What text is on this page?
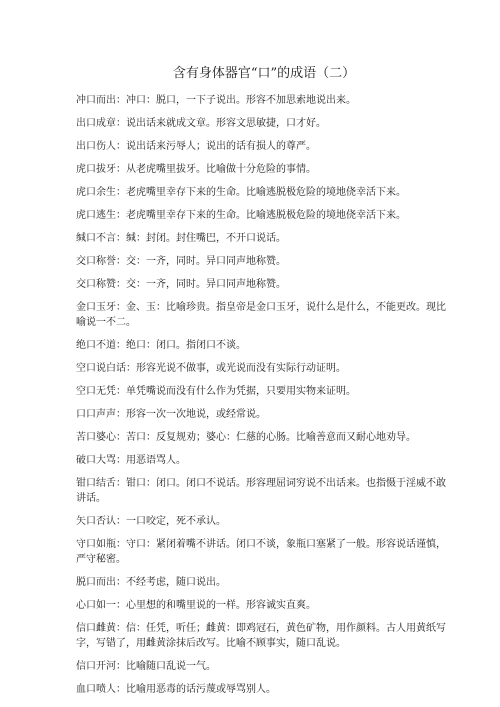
含有身体器官“口”的成语（二）
冲口而出：冲口：脱口，一下子说出。形容不加思索地说出来。
出口成章：说出话来就成文章。形容文思敏捷，口才好。
出口伤人：说出话来污辱人；说出的话有损人的尊严。
虎口拔牙：从老虎嘴里拔牙。比喻做十分危险的事情。
虎口余生：老虎嘴里幸存下来的生命。比喻逃脱极危险的境地侥幸活下来。
虎口逃生：老虎嘴里幸存下来的生命。比喻逃脱极危险的境地侥幸活下来。
缄口不言：缄：封闭。封住嘴巴，不开口说话。
交口称誉：交：一齐，同时。异口同声地称赞。
交口称赞：交：一齐，同时。异口同声地称赞。
金口玉牙：金、玉：比喻珍贵。指皇帝是金口玉牙，说什么是什么，不能更改。现比喻说一不二。
绝口不道：绝口：闭口。指闭口不谈。
空口说白话：形容光说不做事，或光说而没有实际行动证明。
空口无凭：单凭嘴说而没有什么作为凭据，只要用实物来证明。
口口声声：形容一次一次地说，或经常说。
苦口婆心：苦口：反复规劝；婆心：仁慈的心肠。比喻善意而又耐心地劝导。
破口大骂：用恶语骂人。
钳口结舌：钳口：闭口。闭口不说话。形容理屈词穷说不出话来。也指慑于淫威不敢讲话。
矢口否认：一口咬定，死不承认。
守口如瓶：守口：紧闭着嘴不讲话。闭口不谈，象瓶口塞紧了一般。形容说话谨慎，严守秘密。
脱口而出：不经考虑，随口说出。
心口如一：心里想的和嘴里说的一样。形容诚实直爽。
信口雌黄：信：任凭，听任；雌黄：即鸡冠石，黄色矿物，用作颜料。古人用黄纸写字，写错了，用雌黄涂抹后改写。比喻不顾事实，随口乱说。
信口开河：比喻随口乱说一气。
血口喷人：比喻用恶毒的话污蔑或辱骂别人。
